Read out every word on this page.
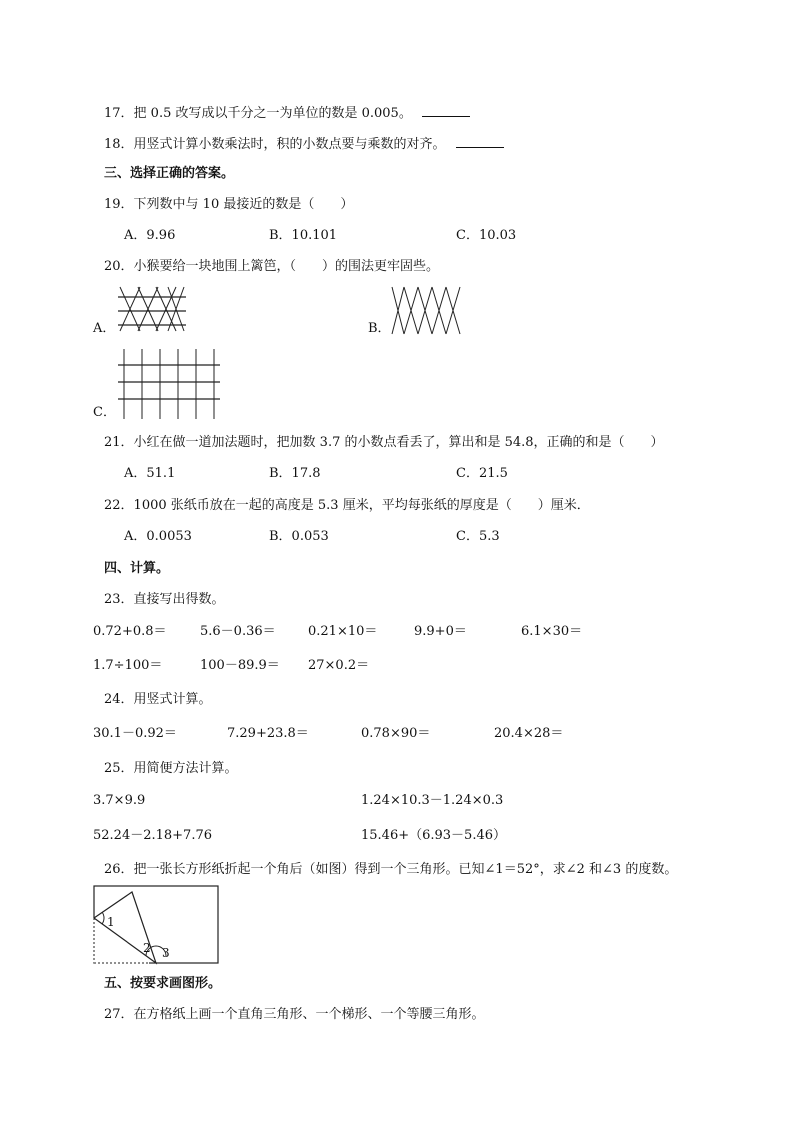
17．把 0.5 改写成以千分之一为单位的数是 0.005。
18．用竖式计算小数乘法时，积的小数点要与乘数的对齐。
三、选择正确的答案。
19．下列数中与 10 最接近的数是（　　）
A．9.96	B．10.101	C．10.03
20．小猴要给一块地围上篱笆，（　　）的围法更牢固些。
A．	B．
C．
21．小红在做一道加法题时，把加数 3.7 的小数点看丢了，算出和是 54.8，正确的和是（　　）
A．51.1	B．17.8	C．21.5
22．1000 张纸币放在一起的高度是 5.3 厘米，平均每张纸的厚度是（　　）厘米．
A．0.0053	B．0.053	C．5.3
四、计算。
23．直接写出得数。
0.72+0.8＝	5.6－0.36＝ 0.21×10＝	9.9+0＝	6.1×30＝
1.7÷100＝	100－89.9＝ 27×0.2＝
24．用竖式计算。
30.1－0.92＝	7.29+23.8＝	0.78×90＝	20.4×28＝
25．用简便方法计算。
3.7×9.9	1.24×10.3－1.24×0.3
52.24－2.18+7.76	15.46+（6.93－5.46）
26．把一张长方形纸折起一个角后（如图）得到一个三角形。已知∠1＝52°，求∠2 和∠3 的度数。
1
2 3
五、按要求画图形。
27．在方格纸上画一个直角三角形、一个梯形、一个等腰三角形。
